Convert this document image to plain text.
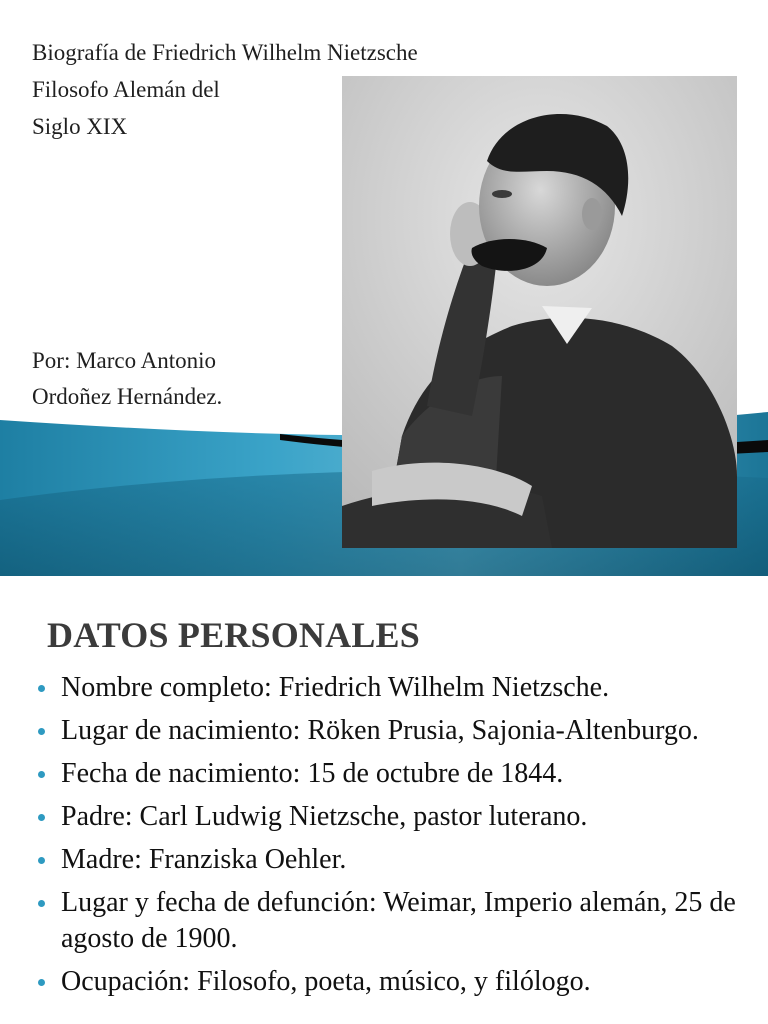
Biografía de Friedrich Wilhelm Nietzsche
Filosofo Alemán del
Siglo XIX
Por: Marco Antonio
Ordoñez Hernández.
DATOS PERSONALES
Nombre completo: Friedrich Wilhelm Nietzsche.
Lugar de nacimiento: Röken Prusia, Sajonia-Altenburgo.
Fecha de nacimiento: 15 de octubre de 1844.
Padre: Carl Ludwig Nietzsche, pastor luterano.
Madre: Franziska Oehler.
Lugar y fecha de defunción: Weimar, Imperio alemán, 25 de agosto de 1900.
Ocupación: Filosofo, poeta, músico, y filólogo.
